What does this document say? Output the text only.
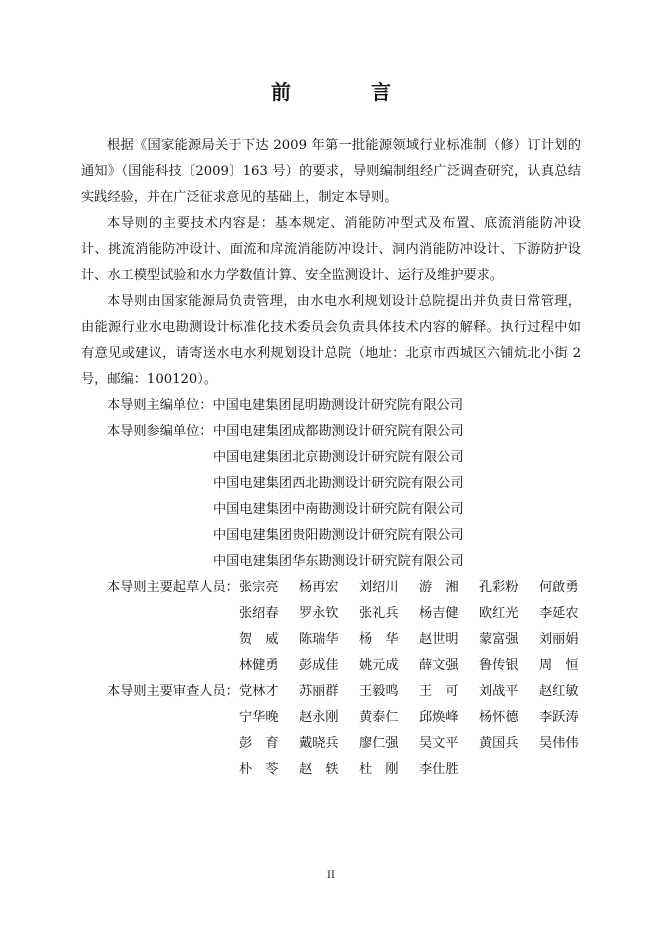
前　言

根据《国家能源局关于下达 2009 年第一批能源领域行业标准制（修）订计划的通知》（国能科技〔2009〕163 号）的要求，导则编制组经广泛调查研究，认真总结实践经验，并在广泛征求意见的基础上，制定本导则。

本导则的主要技术内容是：基本规定、消能防冲型式及布置、底流消能防冲设计、挑流消能防冲设计、面流和戽流消能防冲设计、洞内消能防冲设计、下游防护设计、水工模型试验和水力学数值计算、安全监测设计、运行及维护要求。

本导则由国家能源局负责管理，由水电水利规划设计总院提出并负责日常管理，由能源行业水电勘测设计标准化技术委员会负责具体技术内容的解释。执行过程中如有意见或建议，请寄送水电水利规划设计总院（地址：北京市西城区六铺炕北小街 2 号，邮编：100120）。

本导则主编单位：中国电建集团昆明勘测设计研究院有限公司
本导则参编单位： 中国电建集团成都勘测设计研究院有限公司
中国电建集团北京勘测设计研究院有限公司
中国电建集团西北勘测设计研究院有限公司
中国电建集团中南勘测设计研究院有限公司
中国电建集团贵阳勘测设计研究院有限公司
中国电建集团华东勘测设计研究院有限公司
本导则主要起草人员： 张宗亮	杨再宏	刘绍川	游　湘	孔彩粉	何啟勇
张绍春	罗永钦	张礼兵	杨吉健	欧红光	李延农
贺　威	陈瑞华	杨　华	赵世明	蒙富强	刘丽娟
林健勇	彭成佳	姚元成	薛文强	鲁传银	周　恒
本导则主要审查人员： 党林才	苏丽群	王毅鸣	王　可	刘战平	赵红敏
宁华晚	赵永刚	黄泰仁	邱焕峰	杨怀德	李跃涛
彭　育	戴晓兵	廖仁强	吴文平	黄国兵	吴伟伟
朴　苓	赵　轶	杜　刚	李仕胜
II
